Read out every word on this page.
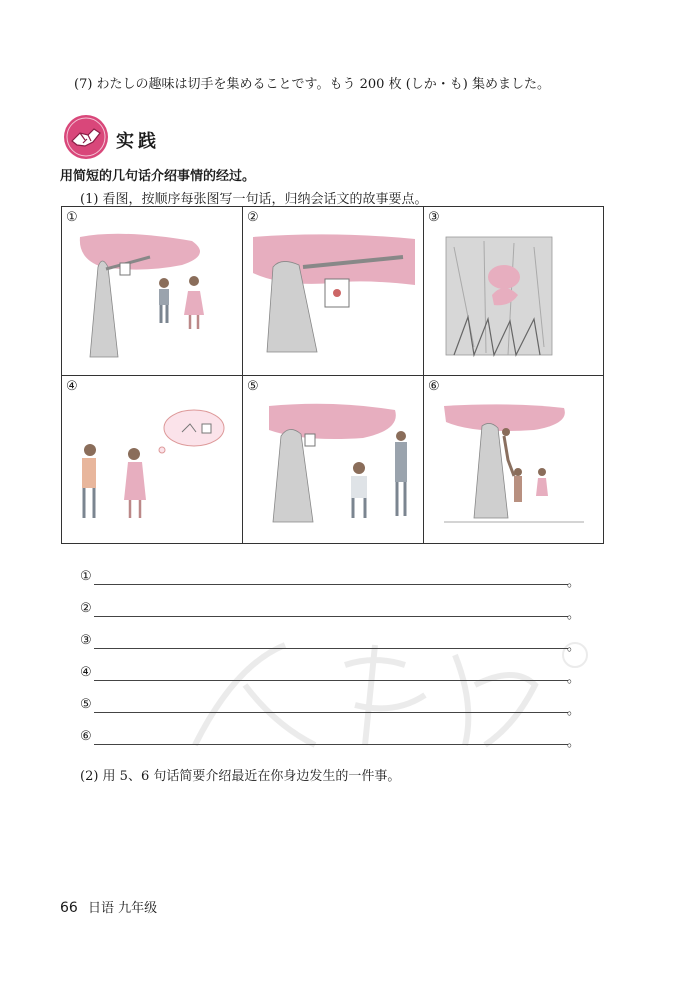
(7) わたしの趣味は切手を集めることです。もう 200 枚 (しか・も) 集めました。
实践
用简短的几句话介绍事情的经过。
(1) 看图，按顺序每张图写一句话，归纳会话文的故事要点。
①	②	③
④	⑤	⑥
①	。
②	。
③	。
④	。
⑤	。
⑥	。
(2) 用 5、6 句话简要介绍最近在你身边发生的一件事。
66 日语 九年级
